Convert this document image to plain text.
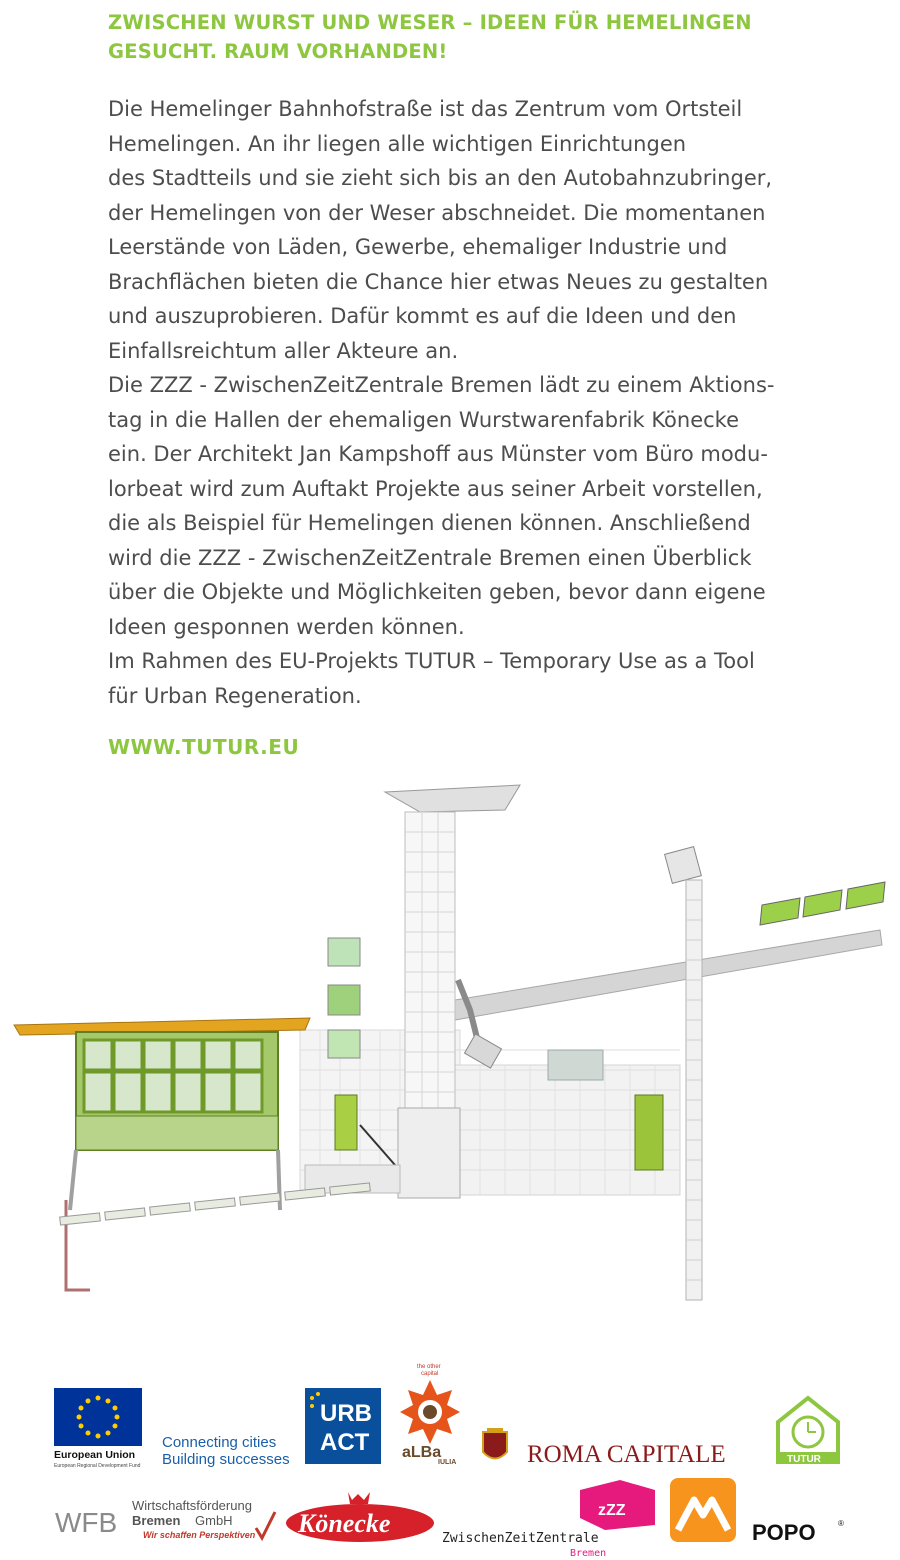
ZWISCHEN WURST UND WESER – IDEEN FÜR HEMELINGEN
GESUCHT. RAUM VORHANDEN!

Die Hemelinger Bahnhofstraße ist das Zentrum vom Ortsteil
Hemelingen. An ihr liegen alle wichtigen Einrichtungen
des Stadtteils und sie zieht sich bis an den Autobahnzubringer,
der Hemelingen von der Weser abschneidet. Die momentanen
Leerstände von Läden, Gewerbe, ehemaliger Industrie und
Brachflächen bieten die Chance hier etwas Neues zu gestalten
und auszuprobieren. Dafür kommt es auf die Ideen und den
Einfallsreichtum aller Akteure an.

Die ZZZ - ZwischenZeitZentrale Bremen lädt zu einem Aktions-
tag in die Hallen der ehemaligen Wurstwarenfabrik Könecke
ein. Der Architekt Jan Kampshoff aus Münster vom Büro modu-
lorbeat wird zum Auftakt Projekte aus seiner Arbeit vorstellen,
die als Beispiel für Hemelingen dienen können. Anschließend
wird die ZZZ - ZwischenZeitZentrale Bremen einen Überblick
über die Objekte und Möglichkeiten geben, bevor dann eigene
Ideen gesponnen werden können.

Im Rahmen des EU-Projekts TUTUR – Temporary Use as a Tool
für Urban Regeneration.

WWW.TUTUR.EU
European Union
European Regional Development Fund
Connecting cities
Building successes
URB
ACT
the other
capital
aLBa
IULIA	ROMA CAPITALE	TUTUR
WFB
Wirtschaftsförderung
Bremen GmbH
Wir schaffen Perspektiven Könecke	zZZ
ZwischenZeitZentrale
Bremen
POPO	®
